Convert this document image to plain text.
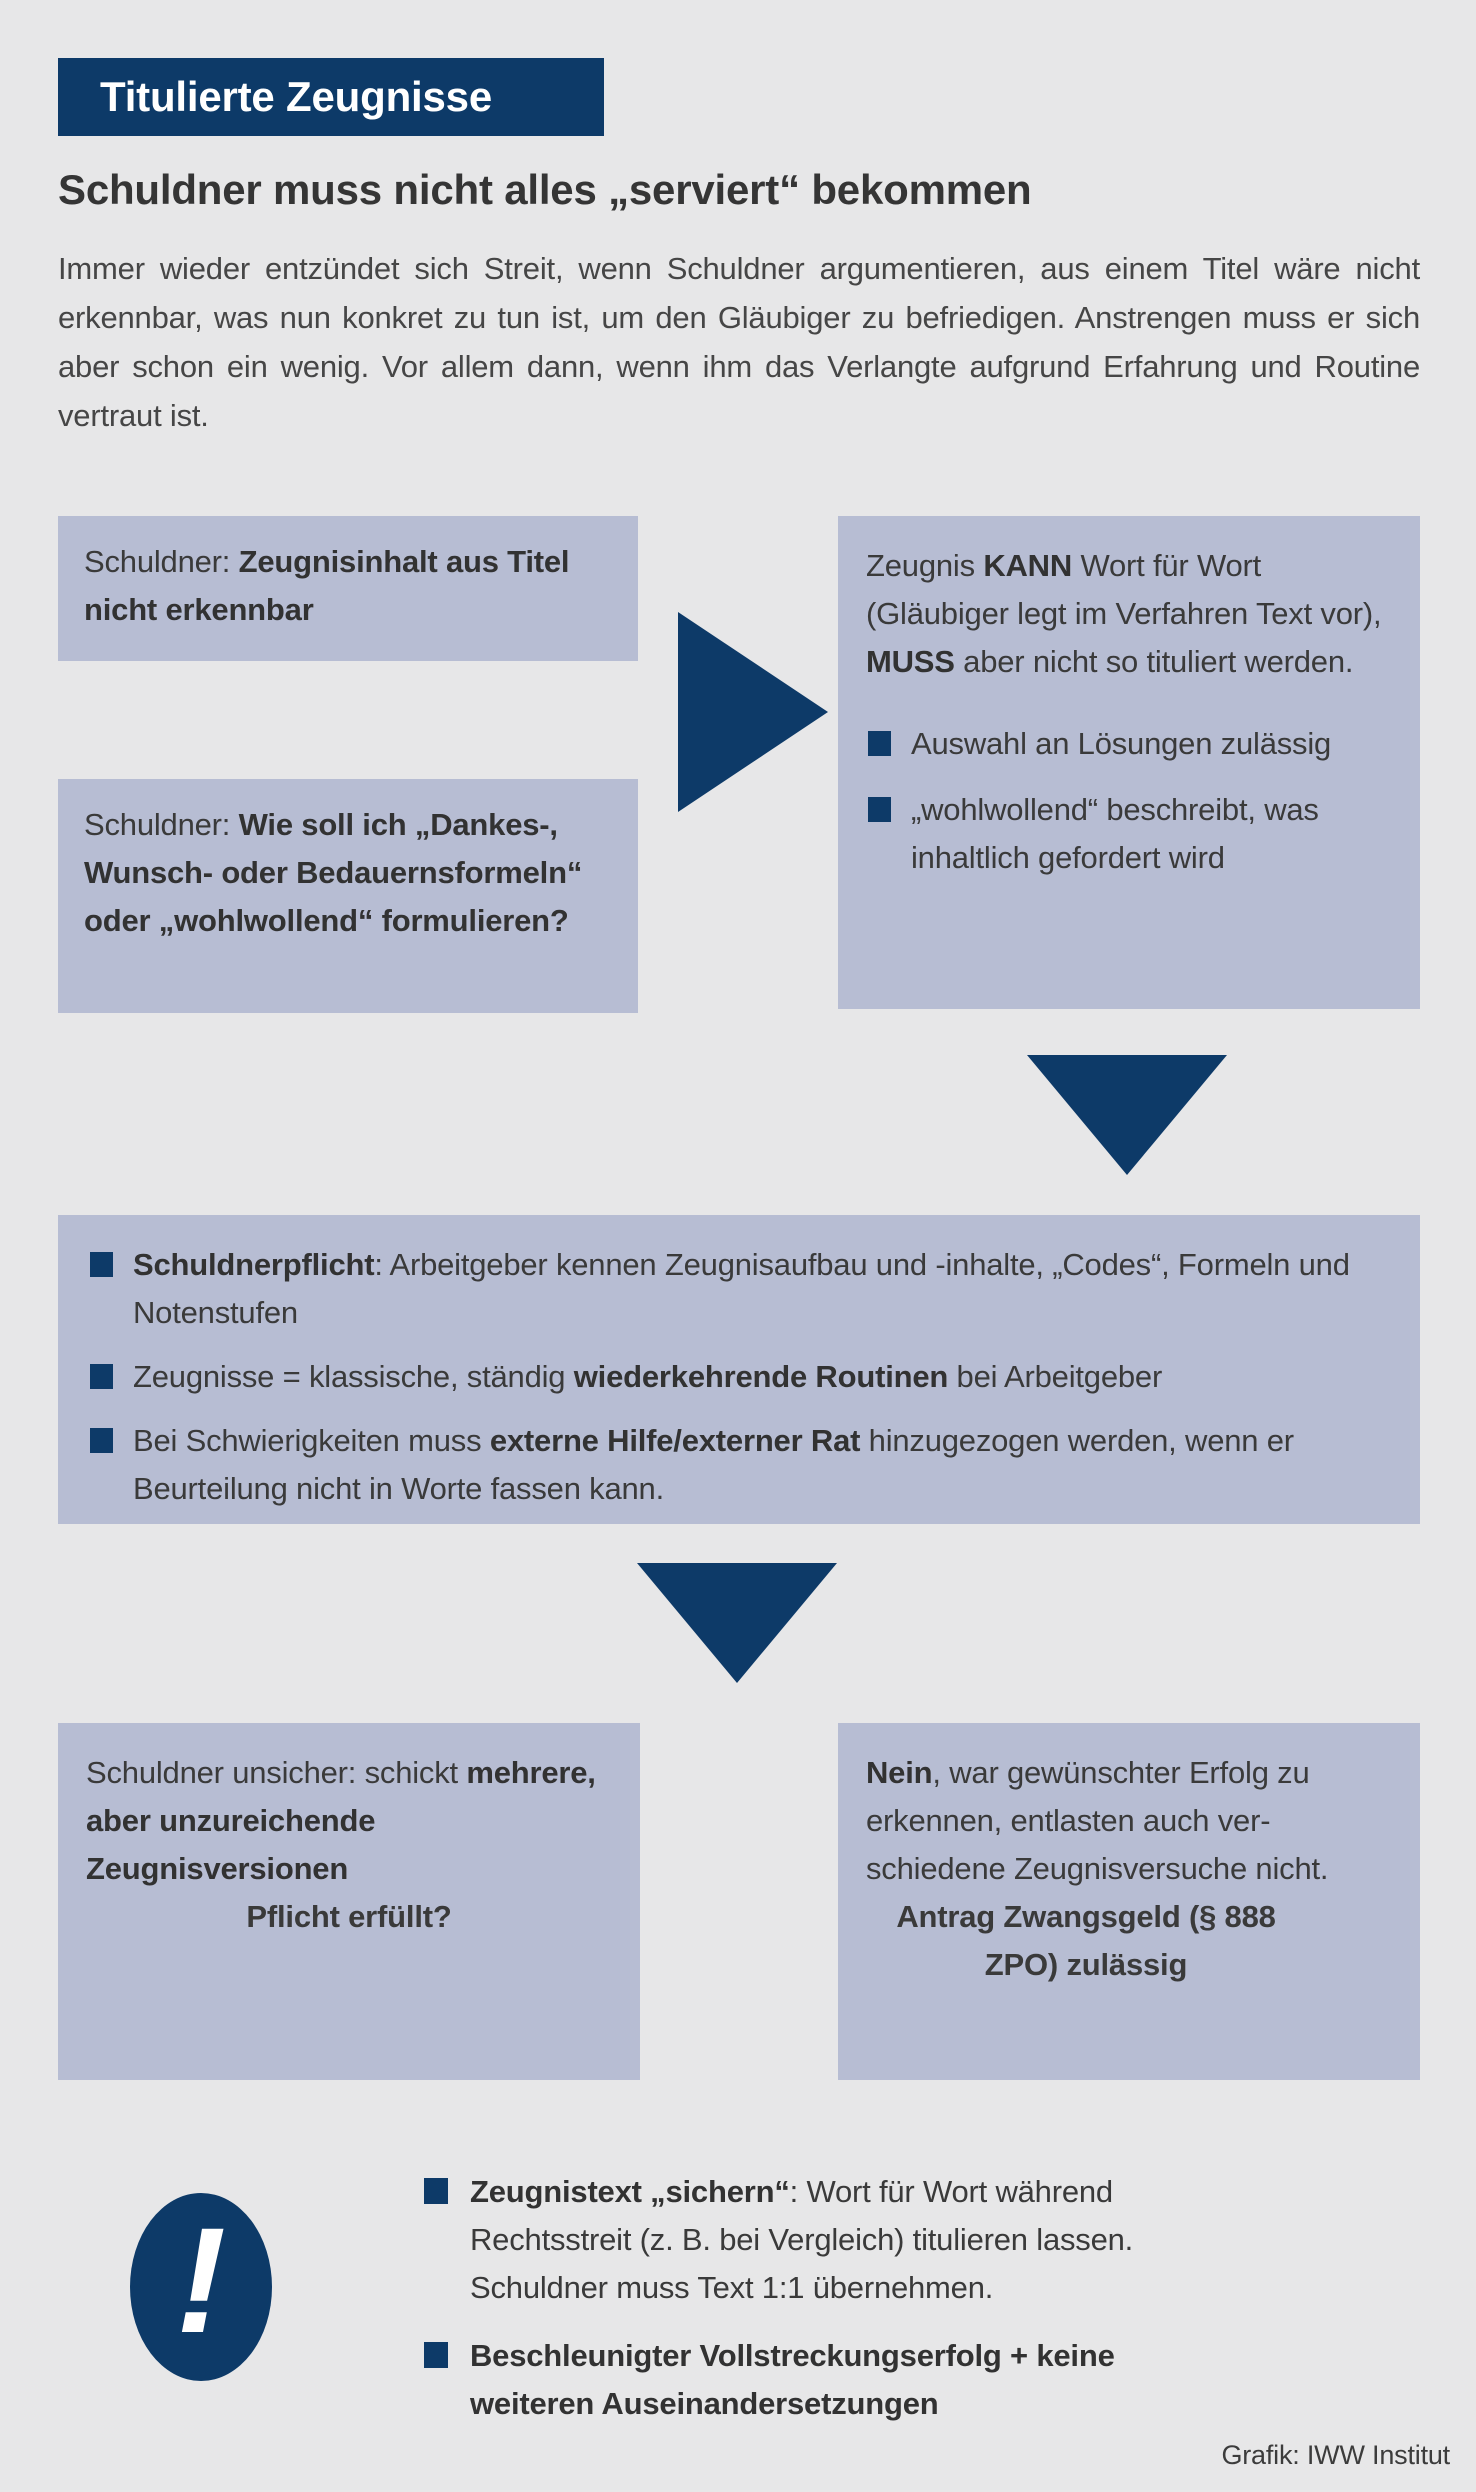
Titulierte Zeugnisse
Schuldner muss nicht alles „serviert“ bekommen

Immer wieder entzündet sich Streit, wenn Schuldner argumentieren, aus einem Titel wäre nicht erkennbar, was nun konkret zu tun ist, um den Gläubiger zu befriedigen. Anstrengen muss er sich aber schon ein wenig. Vor allem dann, wenn ihm das Verlangte aufgrund Erfahrung und Routine vertraut ist.

Schuldner: Zeugnisinhalt aus Titel nicht erkennbar

Schuldner: Wie soll ich „Dankes-, Wunsch- oder Bedauernsformeln“ oder „wohlwollend“ formulieren?

Zeugnis KANN Wort für Wort (Gläubiger legt im Verfahren Text vor), MUSS aber nicht so tituliert werden.

Auswahl an Lösungen zulässig
„wohlwollend“ beschreibt, was inhaltlich gefordert wird
Schuldnerpflicht: Arbeitgeber kennen Zeugnisaufbau und -inhalte, „Codes“, Formeln und Notenstufen
Zeugnisse = klassische, ständig wiederkehrende Routinen bei Arbeitgeber
Bei Schwierigkeiten muss externe Hilfe/externer Rat hinzugezogen werden, wenn er Beurteilung nicht in Worte fassen kann.

Schuldner unsicher: schickt mehrere, aber unzureichende Zeugnisversionen

Pflicht erfüllt?

Nein, war gewünschter Erfolg zu erkennen, entlasten auch verschiedene Zeugnisversuche nicht.

Antrag Zwangsgeld (§ 888 ZPO) zulässig

!
Zeugnistext „sichern“: Wort für Wort während Rechtsstreit (z. B. bei Vergleich) titulieren lassen. Schuldner muss Text 1:1 übernehmen.
Beschleunigter Vollstreckungserfolg + keine weiteren Auseinandersetzungen
Grafik: IWW Institut
